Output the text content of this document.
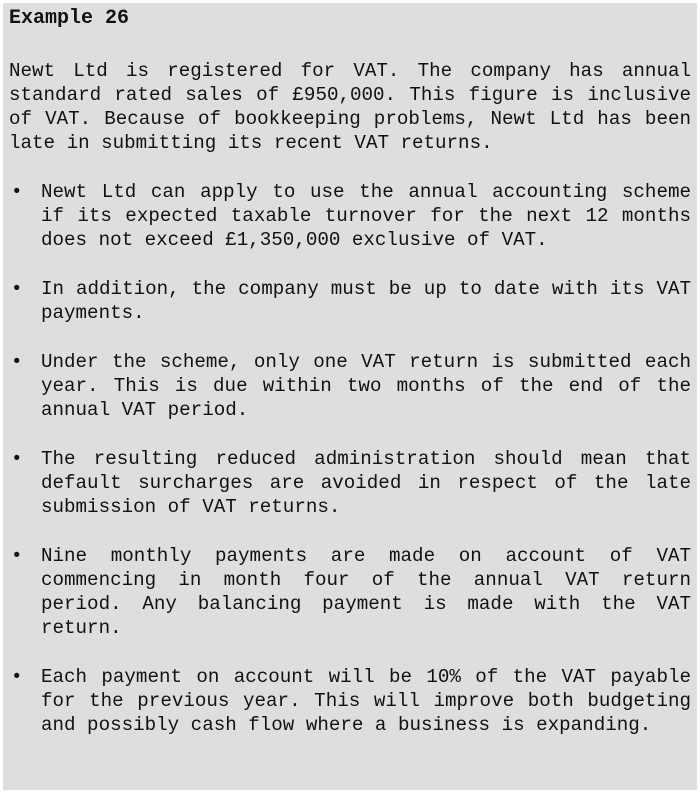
Example 26
Newt Ltd is registered for VAT. The company has annual standard rated sales of £950,000. This figure is inclusive of VAT. Because of bookkeeping problems, Newt Ltd has been late in submitting its recent VAT returns.
• Newt Ltd can apply to use the annual accounting scheme if its expected taxable turnover for the next 12 months does not exceed £1,350,000 exclusive of VAT.
• In addition, the company must be up to date with its VAT payments.
• Under the scheme, only one VAT return is submitted each year. This is due within two months of the end of the annual VAT period.
• The resulting reduced administration should mean that default surcharges are avoided in respect of the late submission of VAT returns.
• Nine monthly payments are made on account of VAT commencing in month four of the annual VAT return period. Any balancing payment is made with the VAT return.
• Each payment on account will be 10% of the VAT payable for the previous year. This will improve both budgeting and possibly cash flow where a business is expanding.
